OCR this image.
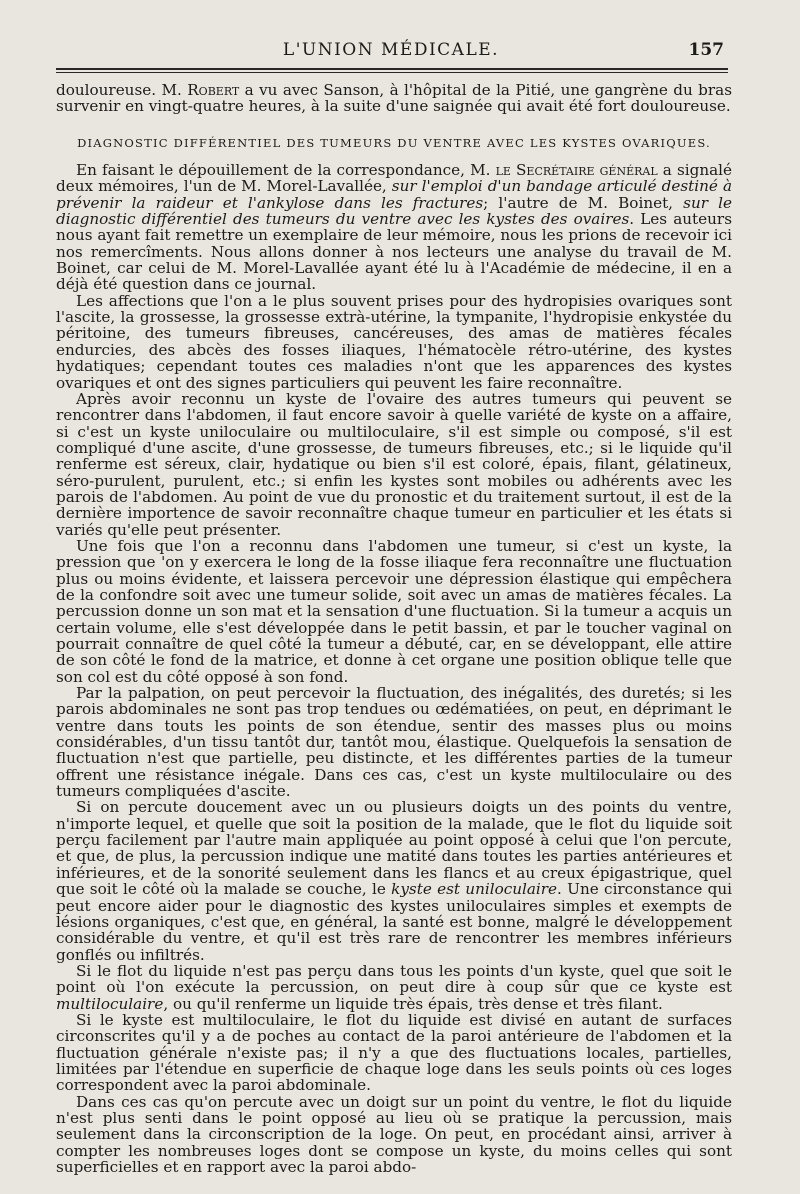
L'UNION MÉDICALE.	157

douloureuse. M. Robert a vu avec Sanson, à l'hôpital de la Pitié, une gangrène du bras survenir en vingt-quatre heures, à la suite d'une saignée qui avait été fort douloureuse.

DIAGNOSTIC DIFFÉRENTIEL DES TUMEURS DU VENTRE AVEC LES KYSTES OVARIQUES.

En faisant le dépouillement de la correspondance, M. le Secrétaire général a signalé deux mémoires, l'un de M. Morel-Lavallée, sur l'emploi d'un bandage articulé destiné à prévenir la raideur et l'ankylose dans les fractures; l'autre de M. Boinet, sur le diagnostic différentiel des tumeurs du ventre avec les kystes des ovaires. Les auteurs nous ayant fait remettre un exemplaire de leur mémoire, nous les prions de recevoir ici nos remercîments. Nous allons donner à nos lecteurs une analyse du travail de M. Boinet, car celui de M. Morel-Lavallée ayant été lu à l'Académie de médecine, il en a déjà été question dans ce journal.

Les affections que l'on a le plus souvent prises pour des hydropisies ovariques sont l'ascite, la grossesse, la grossesse extrà-utérine, la tympanite, l'hydropisie enkystée du péritoine, des tumeurs fibreuses, cancéreuses, des amas de matières fécales endurcies, des abcès des fosses iliaques, l'hématocèle rétro-utérine, des kystes hydatiques; cependant toutes ces maladies n'ont que les apparences des kystes ovariques et ont des signes particuliers qui peuvent les faire reconnaître.

Après avoir reconnu un kyste de l'ovaire des autres tumeurs qui peuvent se rencontrer dans l'abdomen, il faut encore savoir à quelle variété de kyste on a affaire, si c'est un kyste uniloculaire ou multiloculaire, s'il est simple ou composé, s'il est compliqué d'une ascite, d'une grossesse, de tumeurs fibreuses, etc.; si le liquide qu'il renferme est séreux, clair, hydatique ou bien s'il est coloré, épais, filant, gélatineux, séro-purulent, purulent, etc.; si enfin les kystes sont mobiles ou adhérents avec les parois de l'abdomen. Au point de vue du pronostic et du traitement surtout, il est de la dernière importence de savoir reconnaître chaque tumeur en particulier et les états si variés qu'elle peut présenter.

Une fois que l'on a reconnu dans l'abdomen une tumeur, si c'est un kyste, la pression que 'on y exercera le long de la fosse iliaque fera reconnaître une fluctuation plus ou moins évidente, et laissera percevoir une dépression élastique qui empêchera de la confondre soit avec une tumeur solide, soit avec un amas de matières fécales. La percussion donne un son mat et la sensation d'une fluctuation. Si la tumeur a acquis un certain volume, elle s'est développée dans le petit bassin, et par le toucher vaginal on pourrait connaître de quel côté la tumeur a débuté, car, en se développant, elle attire de son côté le fond de la matrice, et donne à cet organe une position oblique telle que son col est du côté opposé à son fond.

Par la palpation, on peut percevoir la fluctuation, des inégalités, des duretés; si les parois abdominales ne sont pas trop tendues ou œdématiées, on peut, en déprimant le ventre dans touts les points de son étendue, sentir des masses plus ou moins considérables, d'un tissu tantôt dur, tantôt mou, élastique. Quelquefois la sensation de fluctuation n'est que partielle, peu distincte, et les différentes parties de la tumeur offrent une résistance inégale. Dans ces cas, c'est un kyste multiloculaire ou des tumeurs compliquées d'ascite.

Si on percute doucement avec un ou plusieurs doigts un des points du ventre, n'importe lequel, et quelle que soit la position de la malade, que le flot du liquide soit perçu facilement par l'autre main appliquée au point opposé à celui que l'on percute, et que, de plus, la percussion indique une matité dans toutes les parties antérieures et inférieures, et de la sonorité seulement dans les flancs et au creux épigastrique, quel que soit le côté où la malade se couche, le kyste est uniloculaire. Une circonstance qui peut encore aider pour le diagnostic des kystes uniloculaires simples et exempts de lésions organiques, c'est que, en général, la santé est bonne, malgré le développement considérable du ventre, et qu'il est très rare de rencontrer les membres inférieurs gonflés ou infiltrés.

Si le flot du liquide n'est pas perçu dans tous les points d'un kyste, quel que soit le point où l'on exécute la percussion, on peut dire à coup sûr que ce kyste est multiloculaire, ou qu'il renferme un liquide très épais, très dense et très filant.

Si le kyste est multiloculaire, le flot du liquide est divisé en autant de surfaces circonscrites qu'il y a de poches au contact de la paroi antérieure de l'abdomen et la fluctuation générale n'existe pas; il n'y a que des fluctuations locales, partielles, limitées par l'étendue en superficie de chaque loge dans les seuls points où ces loges correspondent avec la paroi abdominale.

Dans ces cas qu'on percute avec un doigt sur un point du ventre, le flot du liquide n'est plus senti dans le point opposé au lieu où se pratique la percussion, mais seulement dans la circonscription de la loge. On peut, en procédant ainsi, arriver à compter les nombreuses loges dont se compose un kyste, du moins celles qui sont superficielles et en rapport avec la paroi abdo-
